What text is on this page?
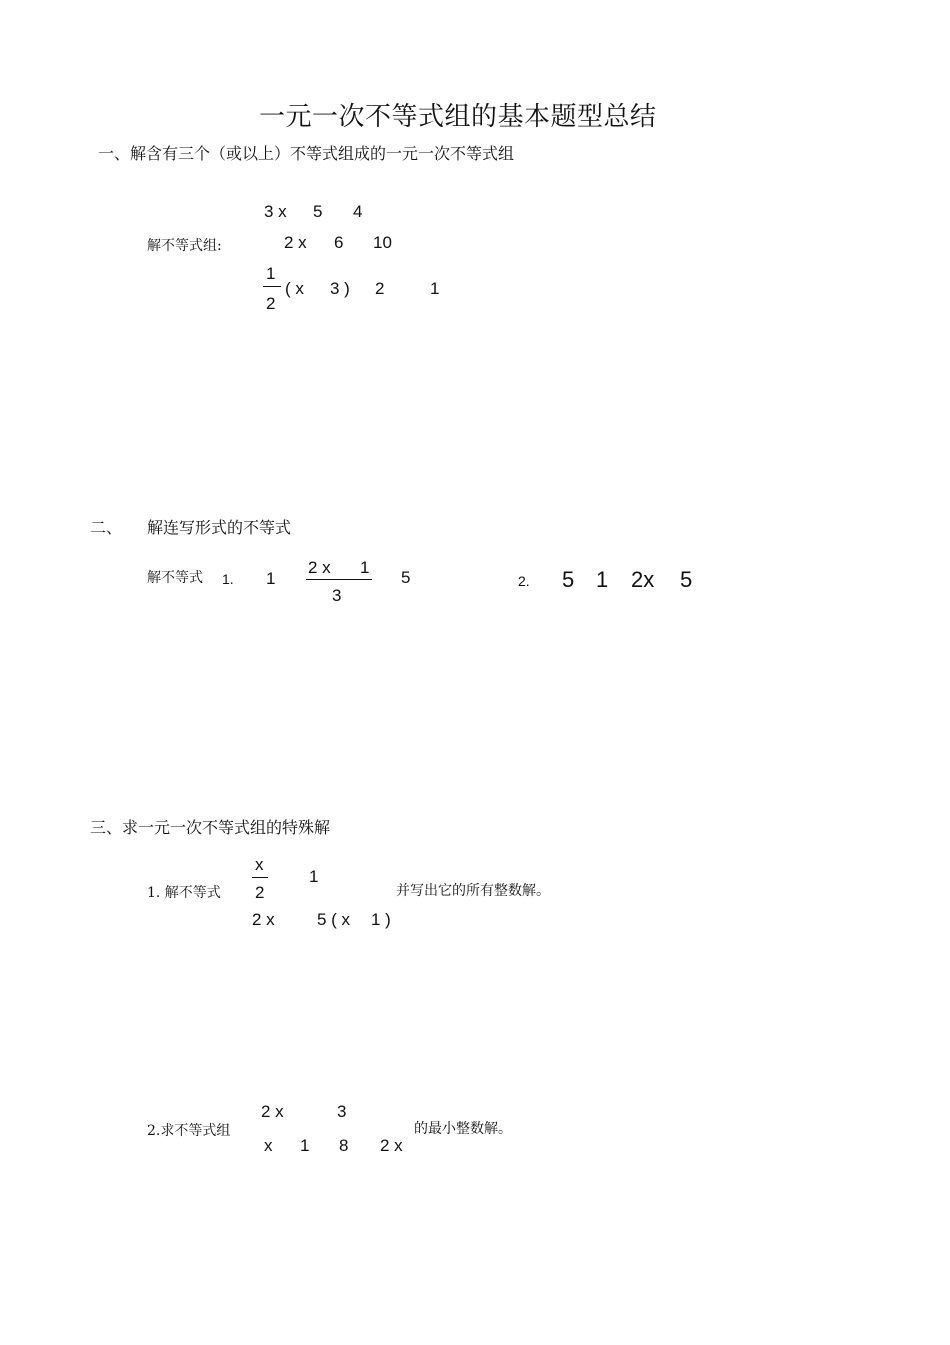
一元一次不等式组的基本题型总结
一、解含有三个（或以上）不等式组成的一元一次不等式组
解不等式组:
3 x 5 4
2 x 6 10
1
2
( x 3 ) 2	1
二、 解连写形式的不等式
解不等式 1. 1
2 x 1
3
5	2. 5 1 2x 5
三、求一元一次不等式组的特殊解
1. 解不等式
x
2
1
2 x 5 ( x 1 )
并写出它的所有整数解。
2.求不等式组
2 x	3
x 1 8 2 x
的最小整数解。
